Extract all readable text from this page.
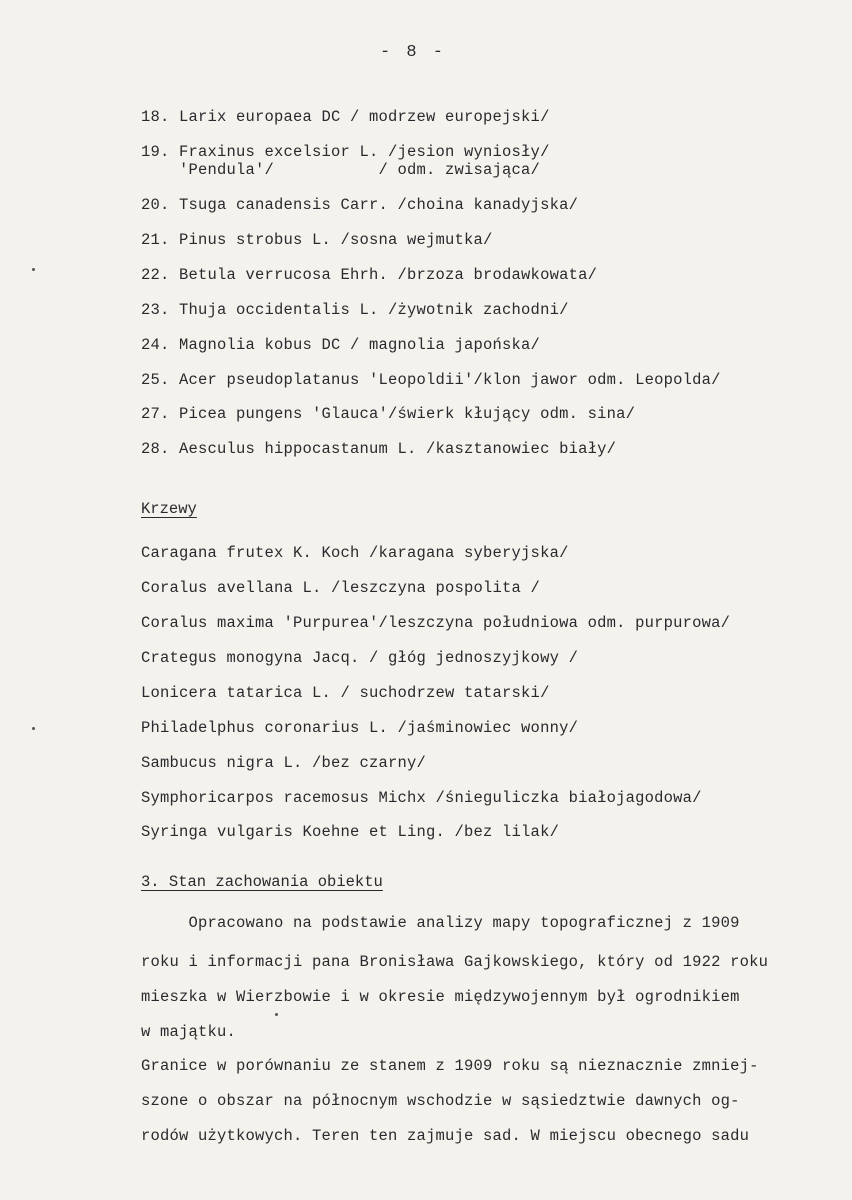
- 8 -
18. Larix europaea DC / modrzew europejski/
19. Fraxinus excelsior L. /jesion wyniosły/
'Pendula'/           / odm. zwisająca/
20. Tsuga canadensis Carr. /choina kanadyjska/
21. Pinus strobus L. /sosna wejmutka/
22. Betula verrucosa Ehrh. /brzoza brodawkowata/
23. Thuja occidentalis L. /żywotnik zachodni/
24. Magnolia kobus DC / magnolia japońska/
25. Acer pseudoplatanus 'Leopoldii'/klon jawor odm. Leopolda/
27. Picea pungens 'Glauca'/świerk kłujący odm. sina/
28. Aesculus hippocastanum L. /kasztanowiec biały/
Krzewy
Caragana frutex K. Koch /karagana syberyjska/
Coralus avellana L. /leszczyna pospolita /
Coralus maxima 'Purpurea'/leszczyna południowa odm. purpurowa/
Crategus monogyna Jacq. / głóg jednoszyjkowy /
Lonicera tatarica L. / suchodrzew tatarski/
Philadelphus coronarius L. /jaśminowiec wonny/
Sambucus nigra L. /bez czarny/
Symphoricarpos racemosus Michx /śnieguliczka białojagodowa/
Syringa vulgaris Koehne et Ling. /bez lilak/
3. Stan zachowania obiektu
Opracowano na podstawie analizy mapy topograficznej z 1909
roku i informacji pana Bronisława Gajkowskiego, który od 1922 roku
mieszka w Wierzbowie i w okresie międzywojennym był ogrodnikiem
w majątku.
Granice w porównaniu ze stanem z 1909 roku są nieznacznie zmniej-
szone o obszar na północnym wschodzie w sąsiedztwie dawnych og-
rodów użytkowych. Teren ten zajmuje sad. W miejscu obecnego sadu
